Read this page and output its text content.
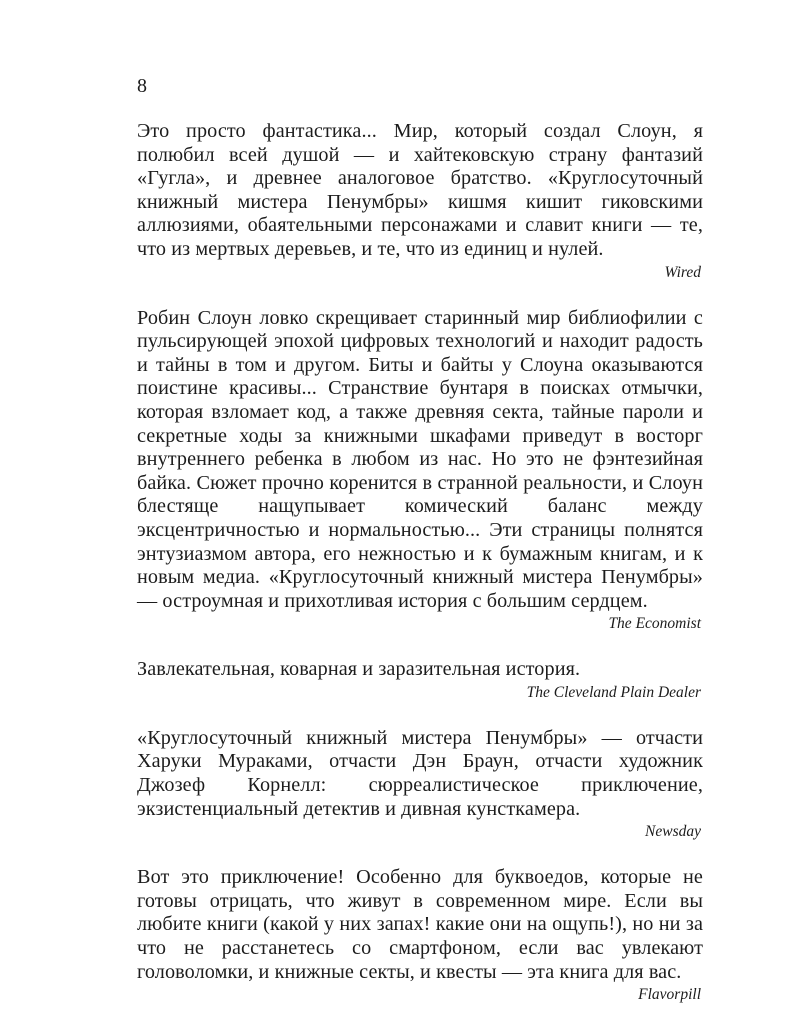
8

Это просто фантастика... Мир, который создал Слоун, я полюбил всей душой — и хайтековскую страну фантазий «Гугла», и древнее аналоговое братство. «Круглосуточный книжный мистера Пенумбры» кишмя кишит гиковскими аллюзиями, обаятельными персонажами и славит книги — те, что из мертвых деревьев, и те, что из единиц и нулей.

Wired

Робин Слоун ловко скрещивает старинный мир библиофилии с пульсирующей эпохой цифровых технологий и находит радость и тайны в том и другом. Биты и байты у Слоуна оказываются поистине красивы... Странствие бунтаря в поисках отмычки, которая взломает код, а также древняя секта, тайные пароли и секретные ходы за книжными шкафами приведут в восторг внутреннего ребенка в любом из нас. Но это не фэнтезийная байка. Сюжет прочно коренится в странной реальности, и Слоун блестяще нащупывает комический баланс между эксцентричностью и нормальностью... Эти страницы полнятся энтузиазмом автора, его нежностью и к бумажным книгам, и к новым медиа. «Круглосуточный книжный мистера Пенумбры» — остроумная и прихотливая история с большим сердцем.

The Economist

Завлекательная, коварная и заразительная история.

The Cleveland Plain Dealer

«Круглосуточный книжный мистера Пенумбры» — отчасти Харуки Мураками, отчасти Дэн Браун, отчасти художник Джозеф Корнелл: сюрреалистическое приключение, экзистенциальный детектив и дивная кунсткамера.

Newsday

Вот это приключение! Особенно для буквоедов, которые не готовы отрицать, что живут в современном мире. Если вы любите книги (какой у них запах! какие они на ощупь!), но ни за что не расстанетесь со смартфоном, если вас увлекают головоломки, и книжные секты, и квесты — эта книга для вас.

Flavorpill
